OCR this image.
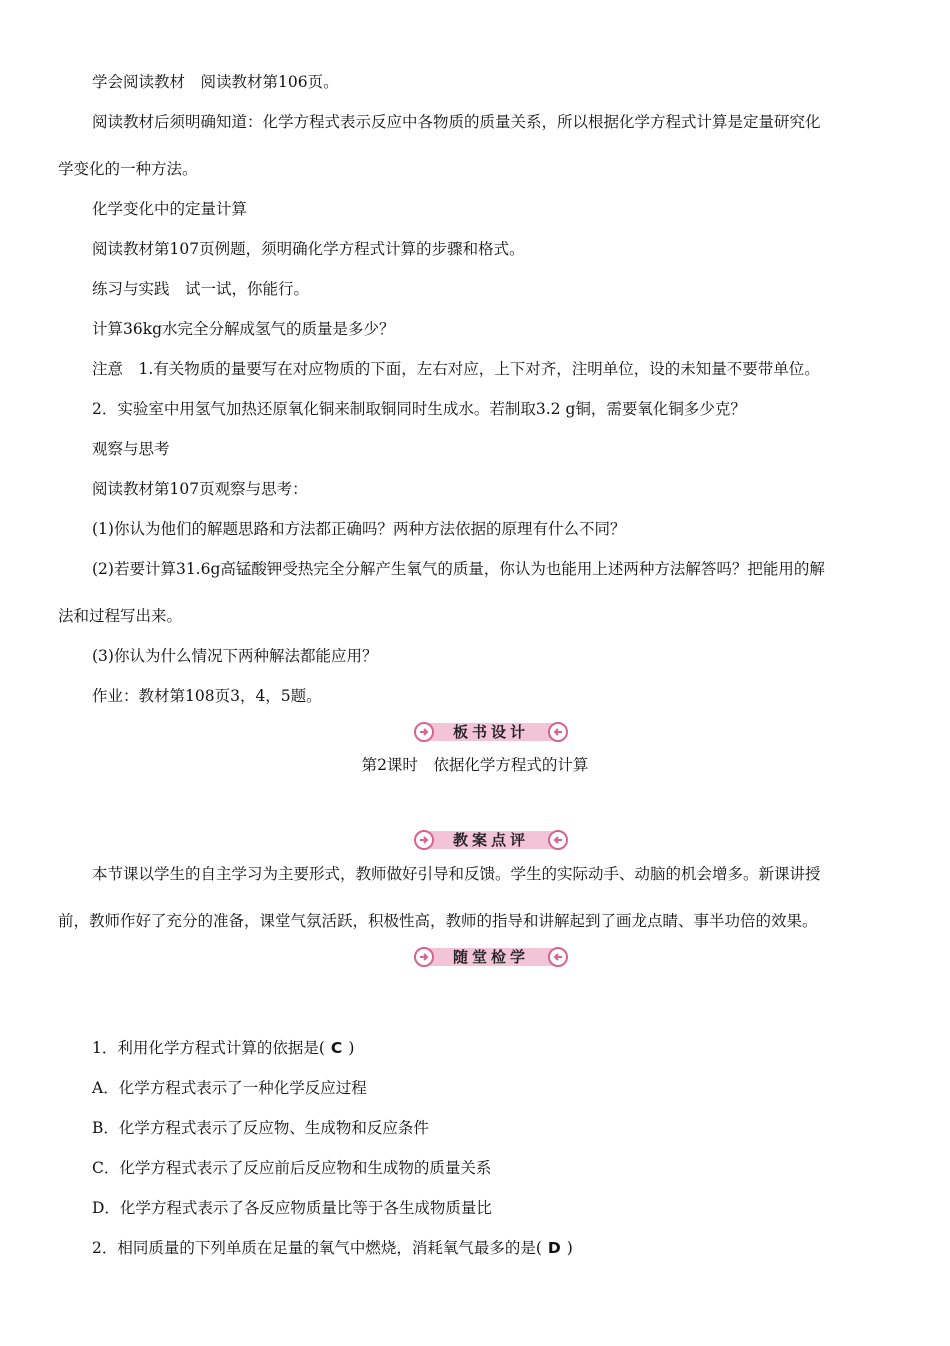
学会阅读教材　阅读教材第106页。
阅读教材后须明确知道：化学方程式表示反应中各物质的质量关系，所以根据化学方程式计算是定量研究化
学变化的一种方法。
化学变化中的定量计算
阅读教材第107页例题，须明确化学方程式计算的步骤和格式。
练习与实践　试一试，你能行。
计算36kg水完全分解成氢气的质量是多少？
注意　1.有关物质的量要写在对应物质的下面，左右对应，上下对齐，注明单位，设的未知量不要带单位。
2．实验室中用氢气加热还原氧化铜来制取铜同时生成水。若制取3.2 g铜，需要氧化铜多少克？
观察与思考
阅读教材第107页观察与思考：
(1)你认为他们的解题思路和方法都正确吗？两种方法依据的原理有什么不同？
(2)若要计算31.6g高锰酸钾受热完全分解产生氧气的质量，你认为也能用上述两种方法解答吗？把能用的解
法和过程写出来。
(3)你认为什么情况下两种解法都能应用？
作业：教材第108页3，4，5题。
板书设计
第2课时　依据化学方程式的计算
教案点评
本节课以学生的自主学习为主要形式，教师做好引导和反馈。学生的实际动手、动脑的机会增多。新课讲授
前，教师作好了充分的准备，课堂气氛活跃，积极性高，教师的指导和讲解起到了画龙点睛、事半功倍的效果。
随堂检学
1．利用化学方程式计算的依据是( C )
A．化学方程式表示了一种化学反应过程
B．化学方程式表示了反应物、生成物和反应条件
C．化学方程式表示了反应前后反应物和生成物的质量关系
D．化学方程式表示了各反应物质量比等于各生成物质量比
2．相同质量的下列单质在足量的氧气中燃烧，消耗氧气最多的是( D )
